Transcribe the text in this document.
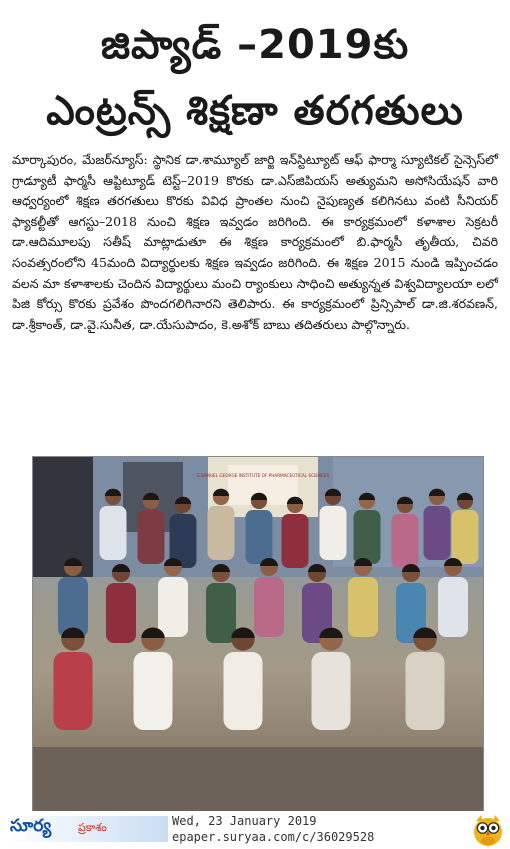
జిప్యాడ్ –2019కు
ఎంట్రన్స్ శిక్షణా తరగతులు

మార్కాపురం, మేజర్‌న్యూస్: స్థానిక డా.శామ్యూల్ జార్జి ఇన్‌స్టిట్యూట్ ఆఫ్ ఫార్మా స్యూటికల్ సైన్సెస్‌లో గ్రాడ్యూటీ ఫార్మసీ ఆప్టిట్యూడ్ టెస్ట్–2019 కొరకు డా.ఎస్‌జిపియస్ అత్యుమని అసోసియేషన్ వారి ఆధ్వర్యంలో శిక్షణ తరగతులు కొరకు వివిధ ప్రాంతల నుంచి నైపుణ్యత కలిగినటు వంటి సీనియర్ ఫ్యాకల్టీతో ఆగస్టు–2018 నుంచి శిక్షణ ఇవ్వడం జరిగింది. ఈ కార్యక్రమంలో కళాశాల సెక్రటరీ డా.ఆదిమూలపు సతీష్ మాట్లాడుతూ ఈ శిక్షణ కార్యక్రమంలో బి.ఫార్మసీ తృతీయ, చివరి సంవత్సరంలోని 45మంది విద్యార్థులకు శిక్షణ ఇవ్వడం జరిగింది. ఈ శిక్షణ 2015 నుండి ఇప్పించడం వలన మా కళాశాలకు చెందిన విద్యార్థులు మంచి ర్యాంకులు సాధించి అత్యున్నత విశ్వవిద్యాలయా లలో పిజి కోర్సు కొరకు ప్రవేశం పొందగలిగినారని తెలిపారు. ఈ కార్యక్రమంలో ప్రిన్సిపాల్ డా.జి.శరవణన్, డా.శ్రీకాంత్, డా.వై.సునీత, డా.యేసుపాదం, కె.అశోక్ బాబు తదితరులు పాల్గొన్నారు.

S.SAMUEL GEORGE INSTITUTE OF PHARMACEUTICAL SCIENCES
సూర్య ప్రకాశం	Wed, 23 January 2019
epaper.suryaa.com/c/36029528
